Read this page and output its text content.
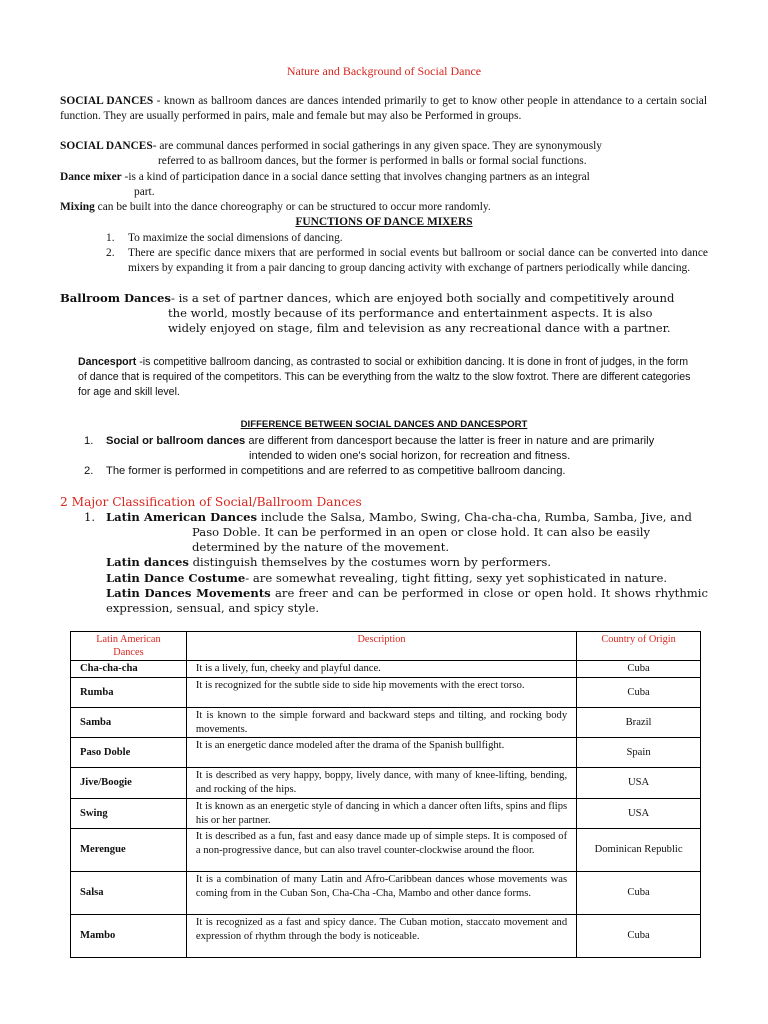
Nature and Background of Social Dance
SOCIAL DANCES - known as ballroom dances are dances intended primarily to get to know other people in attendance to a certain social function. They are usually performed in pairs, male and female but may also be Performed in groups.
SOCIAL DANCES- are communal dances performed in social gatherings in any given space. They are synonymously
referred to as ballroom dances, but the former is performed in balls or formal social functions.
Dance mixer -is a kind of participation dance in a social dance setting that involves changing partners as an integral
part.
Mixing can be built into the dance choreography or can be structured to occur more randomly.
FUNCTIONS OF DANCE MIXERS
1. To maximize the social dimensions of dancing.
2. There are specific dance mixers that are performed in social events but ballroom or social dance can be converted into dance mixers by expanding it from a pair dancing to group dancing activity with exchange of partners periodically while dancing.
Ballroom Dances- is a set of partner dances, which are enjoyed both socially and competitively around
the world, mostly because of its performance and entertainment aspects. It is also
widely enjoyed on stage, film and television as any recreational dance with a partner.
Dancesport -is competitive ballroom dancing, as contrasted to social or exhibition dancing. It is done in front of judges, in the form of dance that is required of the competitors. This can be everything from the waltz to the slow foxtrot. There are different categories for age and skill level.
DIFFERENCE BETWEEN SOCIAL DANCES AND DANCESPORT
1. Social or ballroom dances are different from dancesport because the latter is freer in nature and are primarily
intended to widen one's social horizon, for recreation and fitness.
2. The former is performed in competitions and are referred to as competitive ballroom dancing.
2 Major Classification of Social/Ballroom Dances
1. Latin American Dances include the Salsa, Mambo, Swing, Cha-cha-cha, Rumba, Samba, Jive, and
Paso Doble. It can be performed in an open or close hold. It can also be easily
determined by the nature of the movement.
Latin dances distinguish themselves by the costumes worn by performers.
Latin Dance Costume- are somewhat revealing, tight fitting, sexy yet sophisticated in nature.
Latin Dances Movements are freer and can be performed in close or open hold. It shows rhythmic expression, sensual, and spicy style.
Latin American Dances	Description	Country of Origin
Cha-cha-cha	It is a lively, fun, cheeky and playful dance.	Cuba
Rumba	It is recognized for the subtle side to side hip movements with the erect torso.	Cuba
Samba	It is known to the simple forward and backward steps and tilting, and rocking body movements.	Brazil
Paso Doble	It is an energetic dance modeled after the drama of the Spanish bullfight.	Spain
Jive/Boogie	It is described as very happy, boppy, lively dance, with many of knee-lifting, bending, and rocking of the hips.	USA
Swing	It is known as an energetic style of dancing in which a dancer often lifts, spins and flips his or her partner.	USA
Merengue	It is described as a fun, fast and easy dance made up of simple steps. It is composed of a non-progressive dance, but can also travel counter-clockwise around the floor.	Dominican Republic
Salsa	It is a combination of many Latin and Afro-Caribbean dances whose movements was coming from in the Cuban Son, Cha-Cha -Cha, Mambo and other dance forms.	Cuba
Mambo	It is recognized as a fast and spicy dance. The Cuban motion, staccato movement and expression of rhythm through the body is noticeable.	Cuba
